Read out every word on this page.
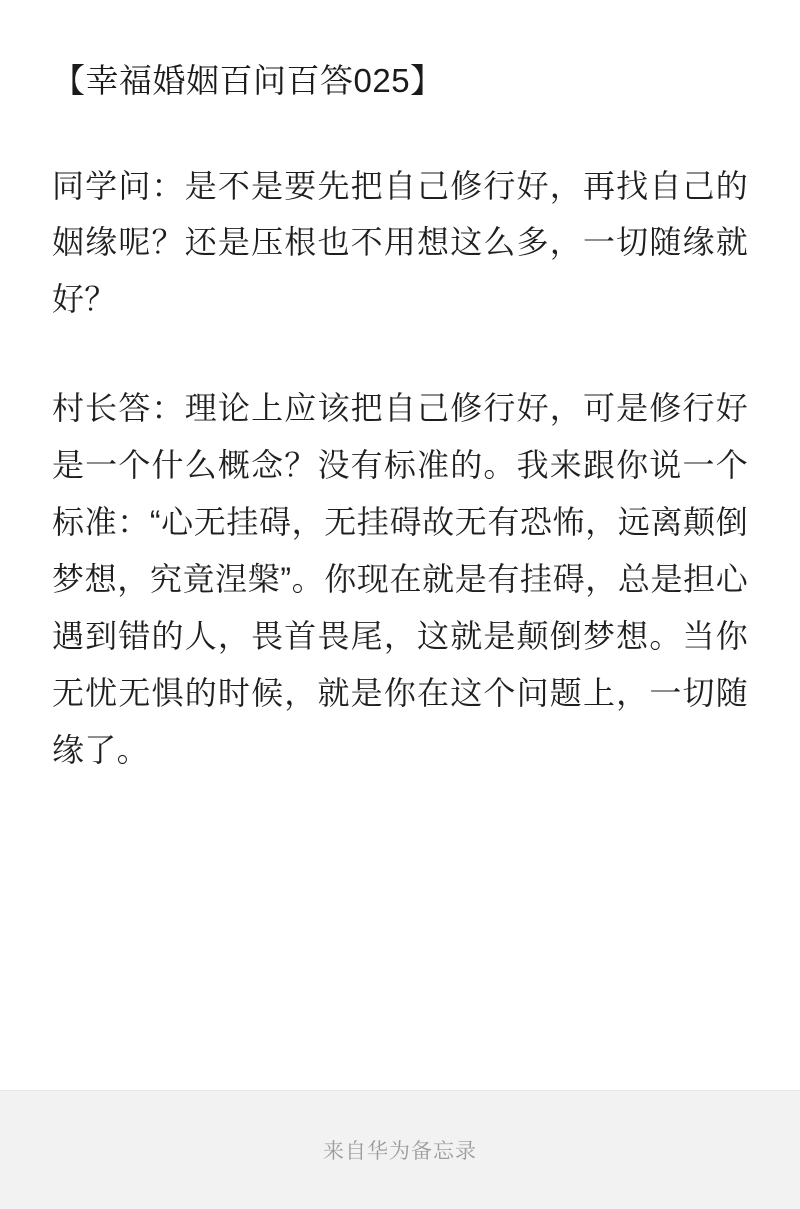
【幸福婚姻百问百答025】

同学问：是不是要先把自己修行好，再找自己的姻缘呢？还是压根也不用想这么多，一切随缘就好？

村长答：理论上应该把自己修行好，可是修行好是一个什么概念？没有标准的。我来跟你说一个标准：“心无挂碍，无挂碍故无有恐怖，远离颠倒梦想，究竟涅槃”。你现在就是有挂碍，总是担心遇到错的人，畏首畏尾，这就是颠倒梦想。当你无忧无惧的时候，就是你在这个问题上，一切随缘了。

来自华为备忘录
